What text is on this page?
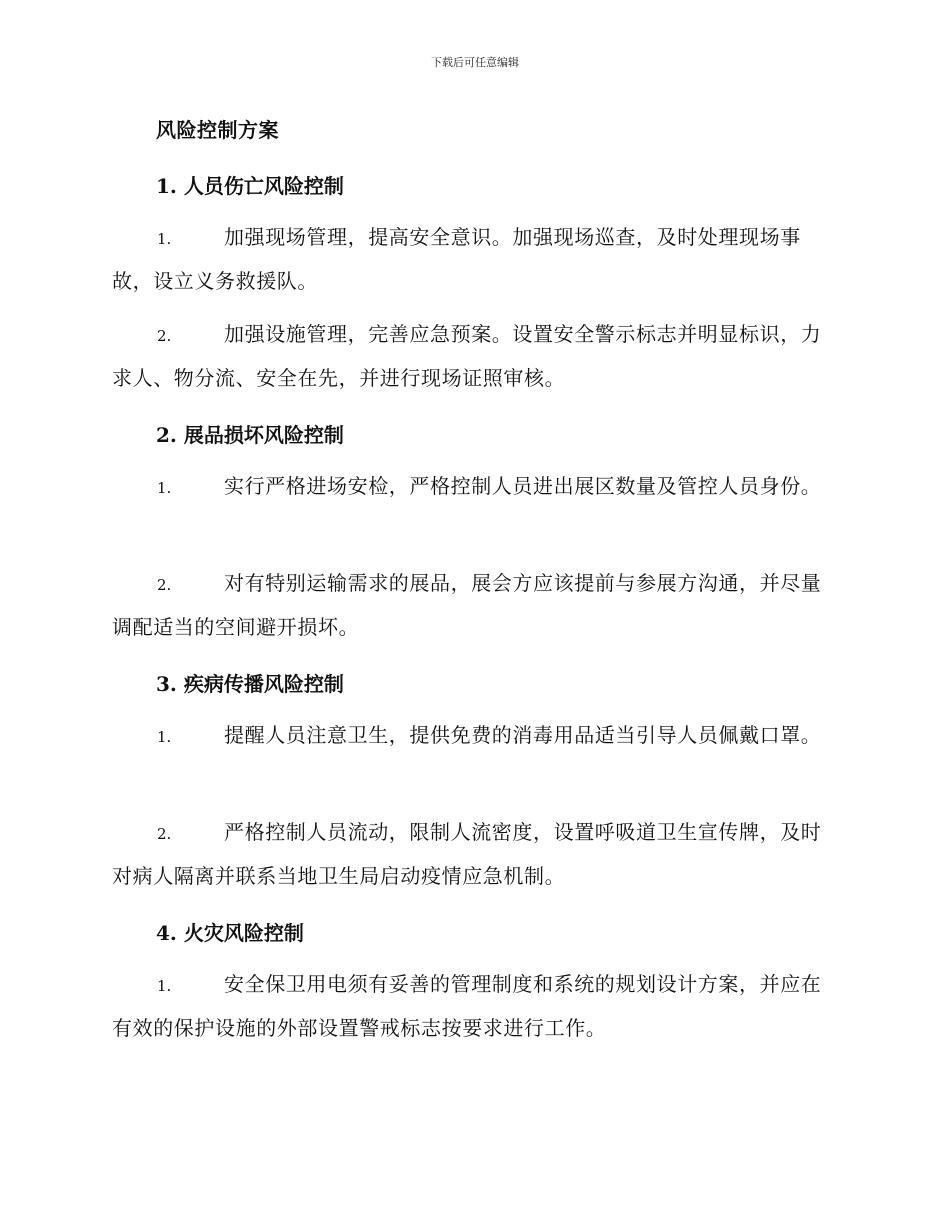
下载后可任意编辑
风险控制方案
1. 人员伤亡风险控制
1.	加强现场管理，提高安全意识。加强现场巡查，及时处理现场事故，设立义务救援队。
2.	加强设施管理，完善应急预案。设置安全警示标志并明显标识，力求人、物分流、安全在先，并进行现场证照审核。
2. 展品损坏风险控制
1.	实行严格进场安检，严格控制人员进出展区数量及管控人员身份。
2.	对有特别运输需求的展品，展会方应该提前与参展方沟通，并尽量调配适当的空间避开损坏。
3. 疾病传播风险控制
1.	提醒人员注意卫生，提供免费的消毒用品适当引导人员佩戴口罩。
2.	严格控制人员流动，限制人流密度，设置呼吸道卫生宣传牌，及时对病人隔离并联系当地卫生局启动疫情应急机制。
4. 火灾风险控制
1.	安全保卫用电须有妥善的管理制度和系统的规划设计方案，并应在有效的保护设施的外部设置警戒标志按要求进行工作。
